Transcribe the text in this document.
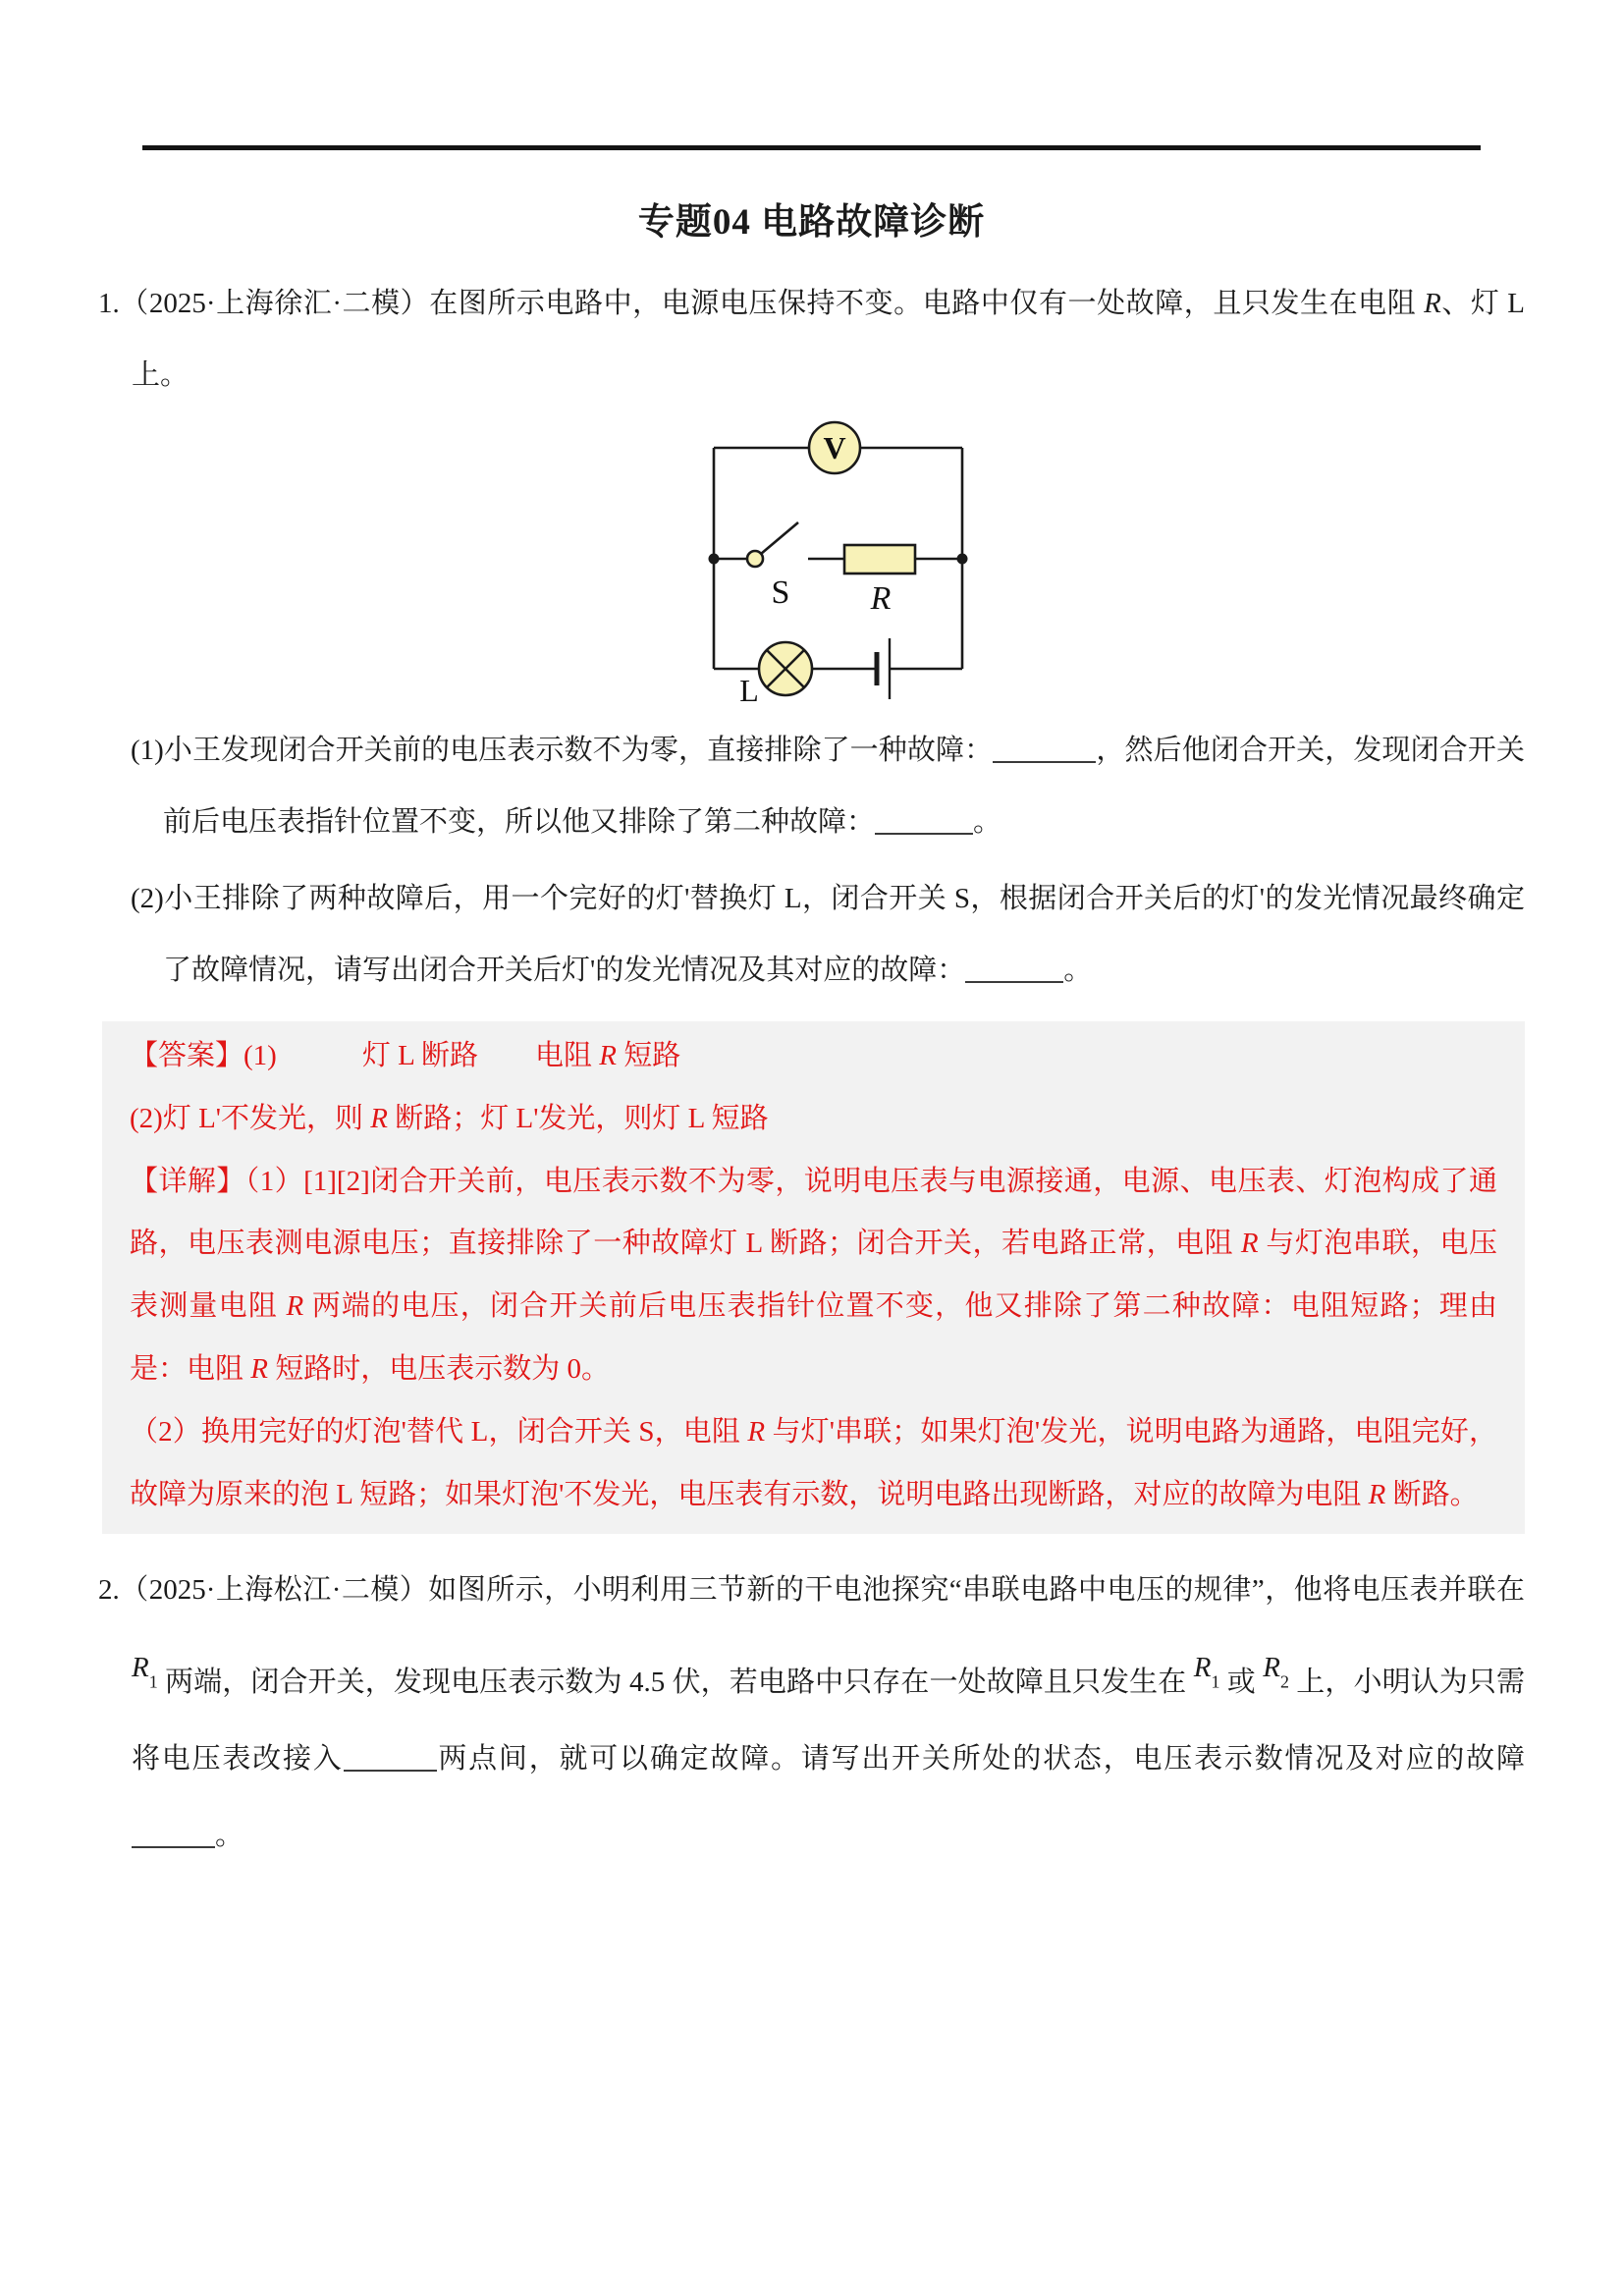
专题04 电路故障诊断

1.（2025·上海徐汇·二模）在图所示电路中，电源电压保持不变。电路中仅有一处故障，且只发生在电阻 R、灯 L 上。

V
S R
L

(1)小王发现闭合开关前的电压表示数不为零，直接排除了一种故障：	，然后他闭合开关，发现闭合开关前后电压表指针位置不变，所以他又排除了第二种故障：	。

(2)小王排除了两种故障后，用一个完好的灯'替换灯 L，闭合开关 S，根据闭合开关后的灯'的发光情况最终确定了故障情况，请写出闭合开关后灯'的发光情况及其对应的故障：	。

【答案】(1)　　　灯 L 断路　　电阻 R 短路

(2)灯 L'不发光，则 R 断路；灯 L'发光，则灯 L 短路

【详解】（1）[1][2]闭合开关前，电压表示数不为零，说明电压表与电源接通，电源、电压表、灯泡构成了通路，电压表测电源电压；直接排除了一种故障灯 L 断路；闭合开关，若电路正常，电阻 R 与灯泡串联，电压表测量电阻 R 两端的电压，闭合开关前后电压表指针位置不变，他又排除了第二种故障：电阻短路；理由是：电阻 R 短路时，电压表示数为 0。

（2）换用完好的灯泡'替代 L，闭合开关 S，电阻 R 与灯'串联；如果灯泡'发光，说明电路为通路，电阻完好，故障为原来的泡 L 短路；如果灯泡'不发光，电压表有示数，说明电路出现断路，对应的故障为电阻 R 断路。

2.（2025·上海松江·二模）如图所示，小明利用三节新的干电池探究“串联电路中电压的规律”，他将电压表并联在 R1 两端，闭合开关，发现电压表示数为 4.5 伏，若电路中只存在一处故障且只发生在 R1 或 R2 上，小明认为只需将电压表改接入	两点间，就可以确定故障。请写出开关所处的状态，电压表示数情况及对应的故障。
